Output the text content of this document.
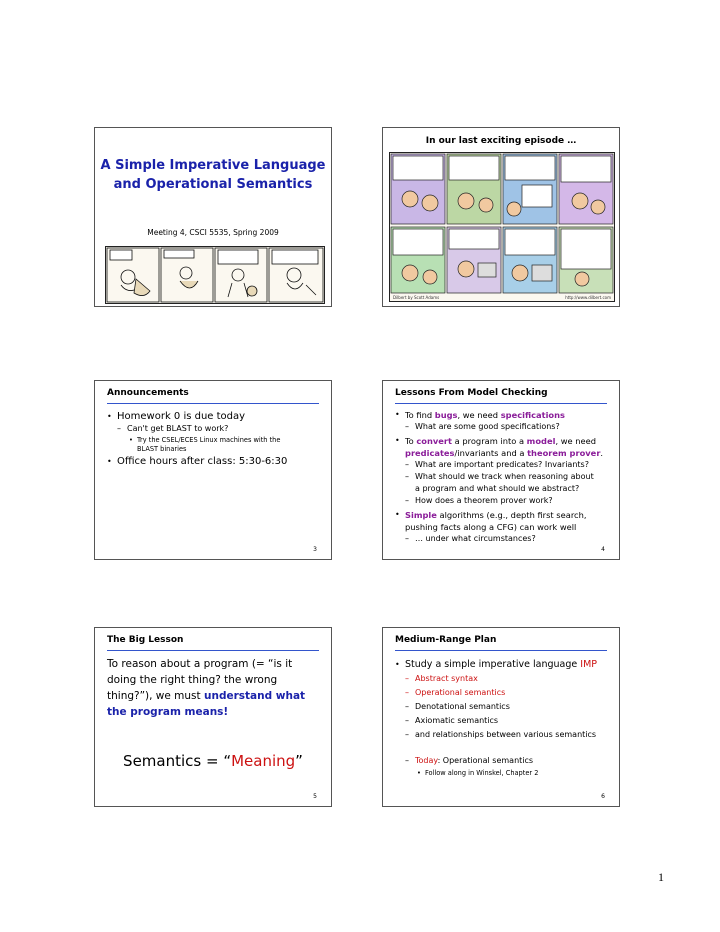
A Simple Imperative Language
and Operational Semantics
Meeting 4, CSCI 5535, Spring 2009
In our last exciting episode …
Dilbert by Scott Adams	http://www.dilbert.com
Announcements
• Homework 0 is due today
– Can't get BLAST to work?
• Try the CSEL/ECES Linux machines with the
BLAST binaries
• Office hours after class: 5:30-6:30
3
Lessons From Model Checking
• To find bugs, we need specifications
– What are some good specifications?
• To convert a program into a model, we need
predicates/invariants and a theorem prover.
– What are important predicates? Invariants?
– What should we track when reasoning about
a program and what should we abstract?
– How does a theorem prover work?
• Simple algorithms (e.g., depth first search,
pushing facts along a CFG) can work well
– … under what circumstances?
4
The Big Lesson
To reason about a program (= “is it
doing the right thing? the wrong
thing?”), we must understand what
the program means!
Semantics = “Meaning”
5
Medium-Range Plan
• Study a simple imperative language IMP
– Abstract syntax
– Operational semantics
– Denotational semantics
– Axiomatic semantics
– and relationships between various semantics
– Today: Operational semantics
• Follow along in Winskel, Chapter 2
6
1
